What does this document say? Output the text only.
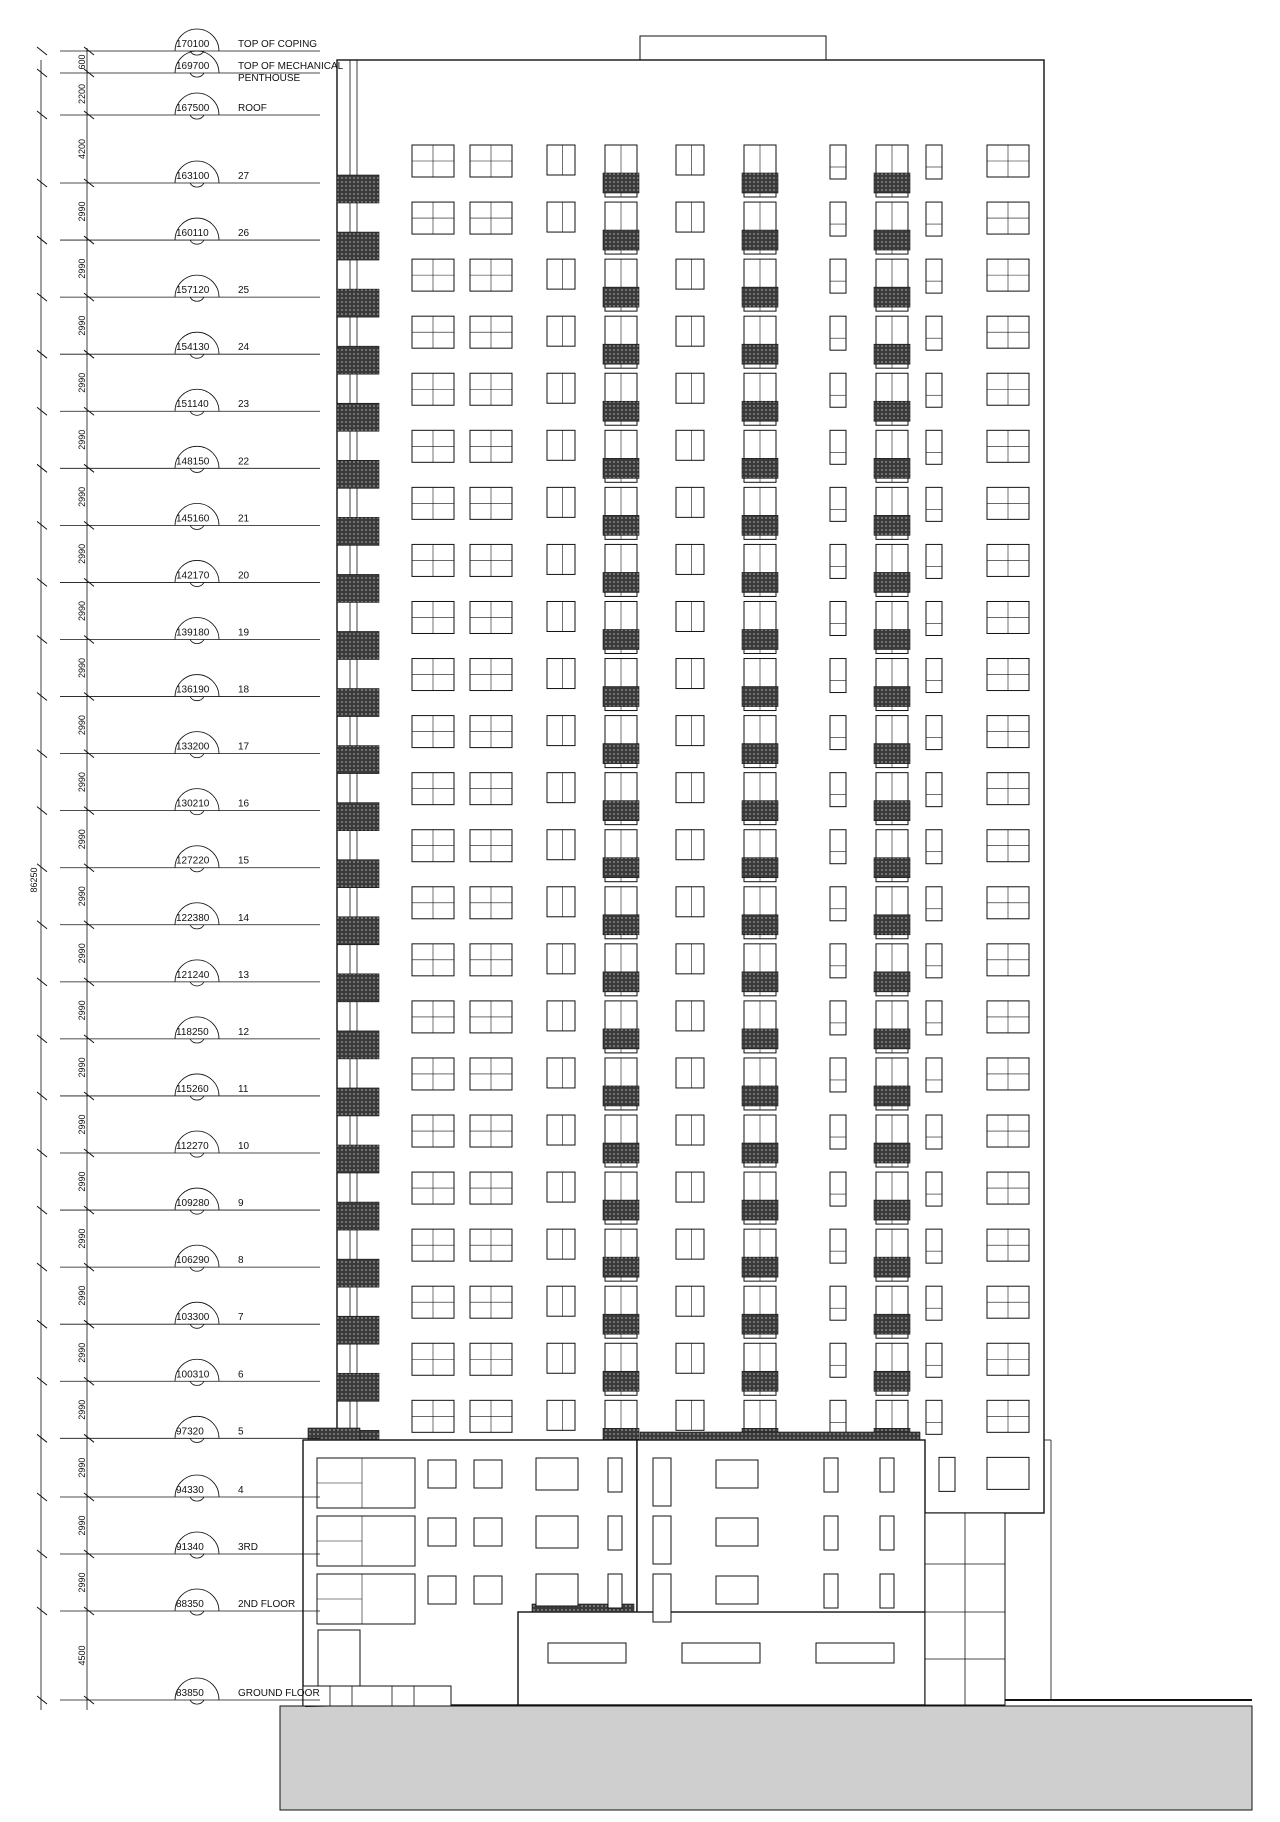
170100	TOP OF COPING
169700	TOP OF MECHANICAL
PENTHOUSE
600
167500	ROOF
2200
163100	27
4200
160110	26
2990
157120	25
2990
154130	24
2990
151140	23
2990
148150	22
2990
145160	21
2990
142170	20
2990
139180	19
2990
136190	18
2990
133200	17
2990
130210	16
2990
127220	15
2990
122380	14
2990
121240	13
2990
118250	12
2990
115260	11
2990
112270	10
2990
109280	9
2990
106290	8
2990
103300	7
2990
100310	6
2990
97320	5
2990
94330	4
2990
91340	3RD
2990
88350	2ND FLOOR
2990
83850	GROUND FLOOR
4500
86250
